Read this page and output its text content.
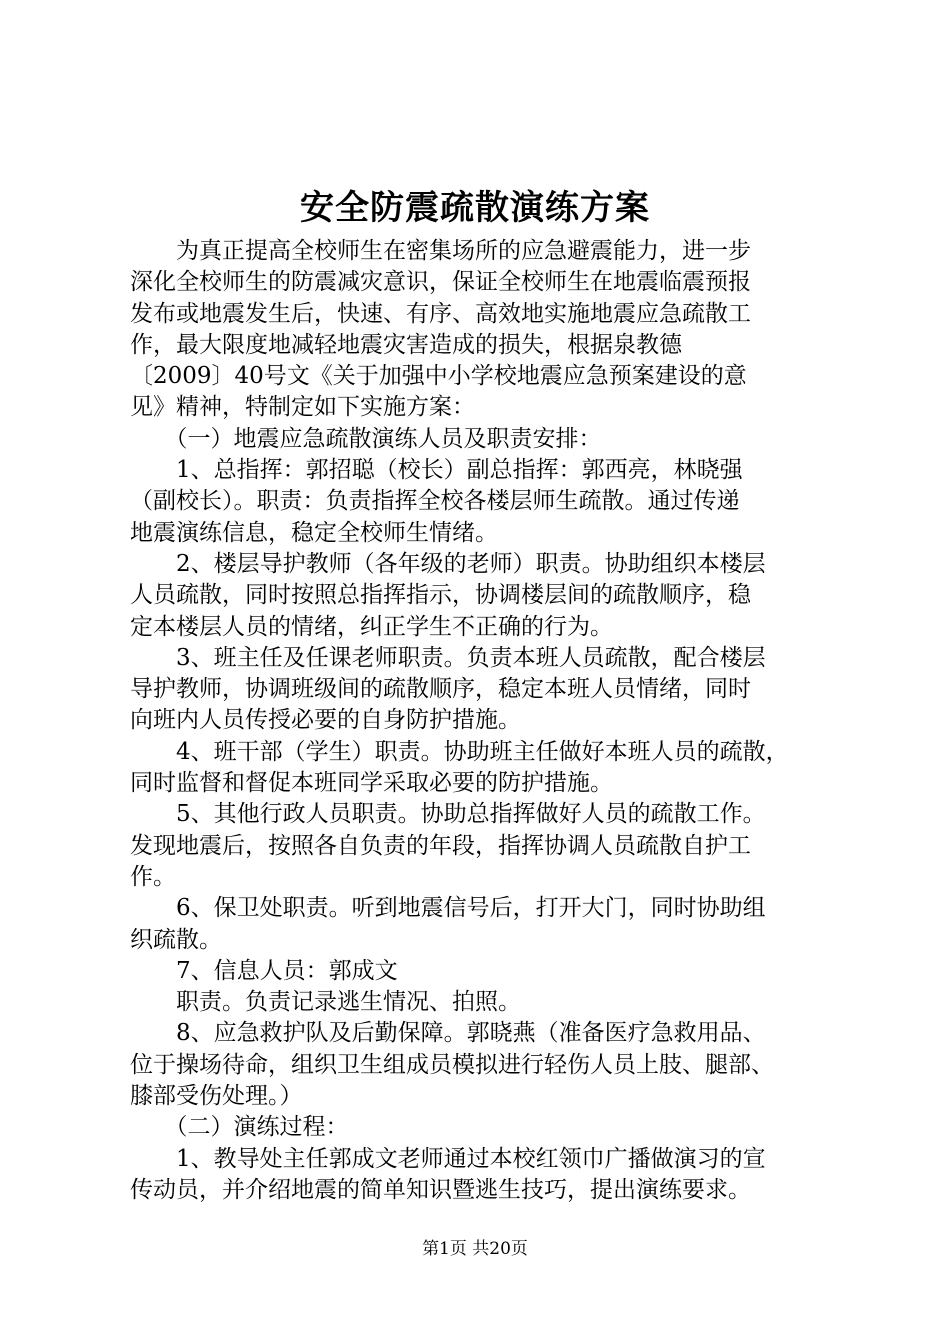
安全防震疏散演练方案
　　为真正提高全校师生在密集场所的应急避震能力，进一步
深化全校师生的防震减灾意识，保证全校师生在地震临震预报
发布或地震发生后，快速、有序、高效地实施地震应急疏散工
作，最大限度地减轻地震灾害造成的损失，根据泉教德
〔2009〕40号文《关于加强中小学校地震应急预案建设的意
见》精神，特制定如下实施方案：
　　（一）地震应急疏散演练人员及职责安排：
　　1、总指挥：郭招聪（校长）副总指挥：郭西亮，林晓强
（副校长）。职责：负责指挥全校各楼层师生疏散。通过传递
地震演练信息，稳定全校师生情绪。
　　2、楼层导护教师（各年级的老师）职责。协助组织本楼层
人员疏散，同时按照总指挥指示，协调楼层间的疏散顺序，稳
定本楼层人员的情绪，纠正学生不正确的行为。
　　3、班主任及任课老师职责。负责本班人员疏散，配合楼层
导护教师，协调班级间的疏散顺序，稳定本班人员情绪，同时
向班内人员传授必要的自身防护措施。
　　4、班干部（学生）职责。协助班主任做好本班人员的疏散，
同时监督和督促本班同学采取必要的防护措施。
　　5、其他行政人员职责。协助总指挥做好人员的疏散工作。
发现地震后，按照各自负责的年段，指挥协调人员疏散自护工
作。
　　6、保卫处职责。听到地震信号后，打开大门，同时协助组
织疏散。
　　7、信息人员：郭成文
　　职责。负责记录逃生情况、拍照。
　　8、应急救护队及后勤保障。郭晓燕（准备医疗急救用品、
位于操场待命，组织卫生组成员模拟进行轻伤人员上肢、腿部、
膝部受伤处理。）
　　（二）演练过程：
　　1、教导处主任郭成文老师通过本校红领巾广播做演习的宣
传动员，并介绍地震的简单知识暨逃生技巧，提出演练要求。
第1页 共20页
